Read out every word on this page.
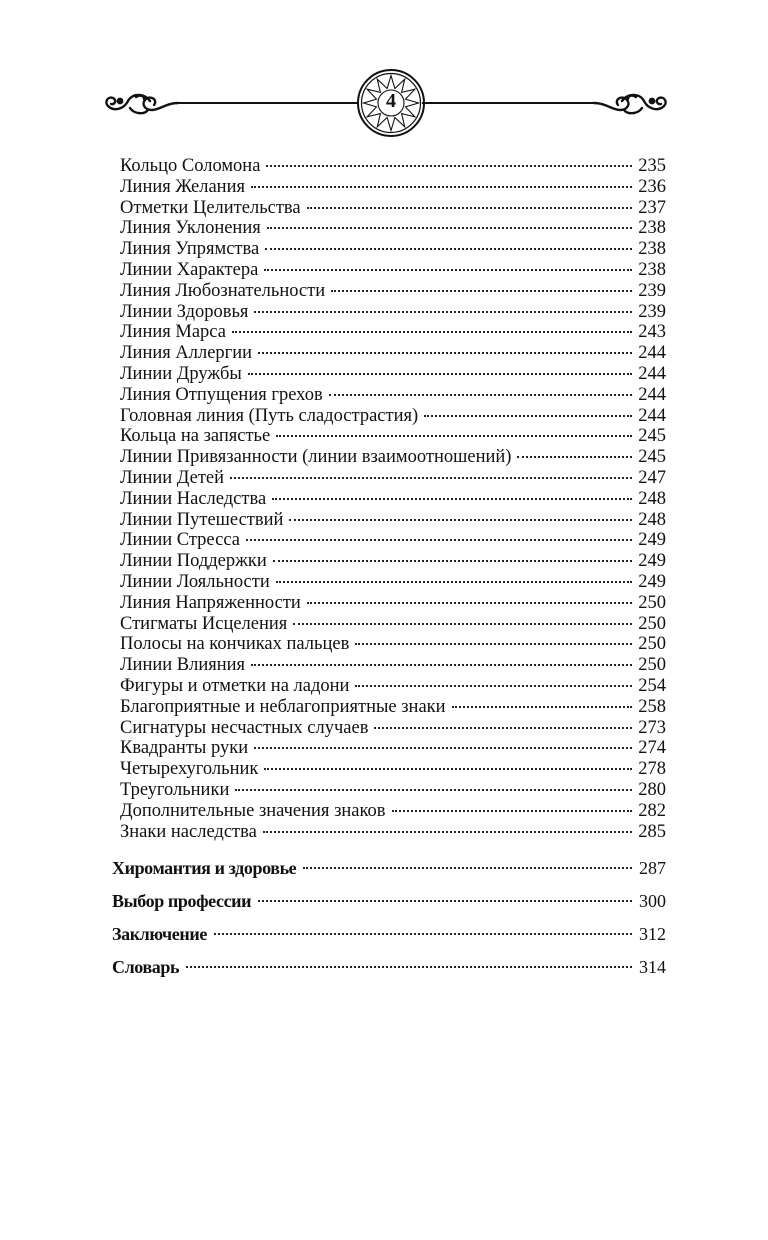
4
Кольцо Соломона	235
Линия Желания	236
Отметки Целительства	237
Линия Уклонения	238
Линия Упрямства	238
Линии Характера	238
Линия Любознательности	239
Линии Здоровья	239
Линия Марса	243
Линия Аллергии	244
Линии Дружбы	244
Линия Отпущения грехов	244
Головная линия (Путь сладострастия)	244
Кольца на запястье	245
Линии Привязанности (линии взаимоотношений)	245
Линии Детей	247
Линии Наследства	248
Линии Путешествий	248
Линии Стресса	249
Линии Поддержки	249
Линии Лояльности	249
Линия Напряженности	250
Стигматы Исцеления	250
Полосы на кончиках пальцев	250
Линии Влияния	250
Фигуры и отметки на ладони	254
Благоприятные и неблагоприятные знаки	258
Сигнатуры несчастных случаев	273
Квадранты руки	274
Четырехугольник	278
Треугольники	280
Дополнительные значения знаков	282
Знаки наследства	285
Хиромантия и здоровье	287
Выбор профессии	300
Заключение	312
Словарь	314
